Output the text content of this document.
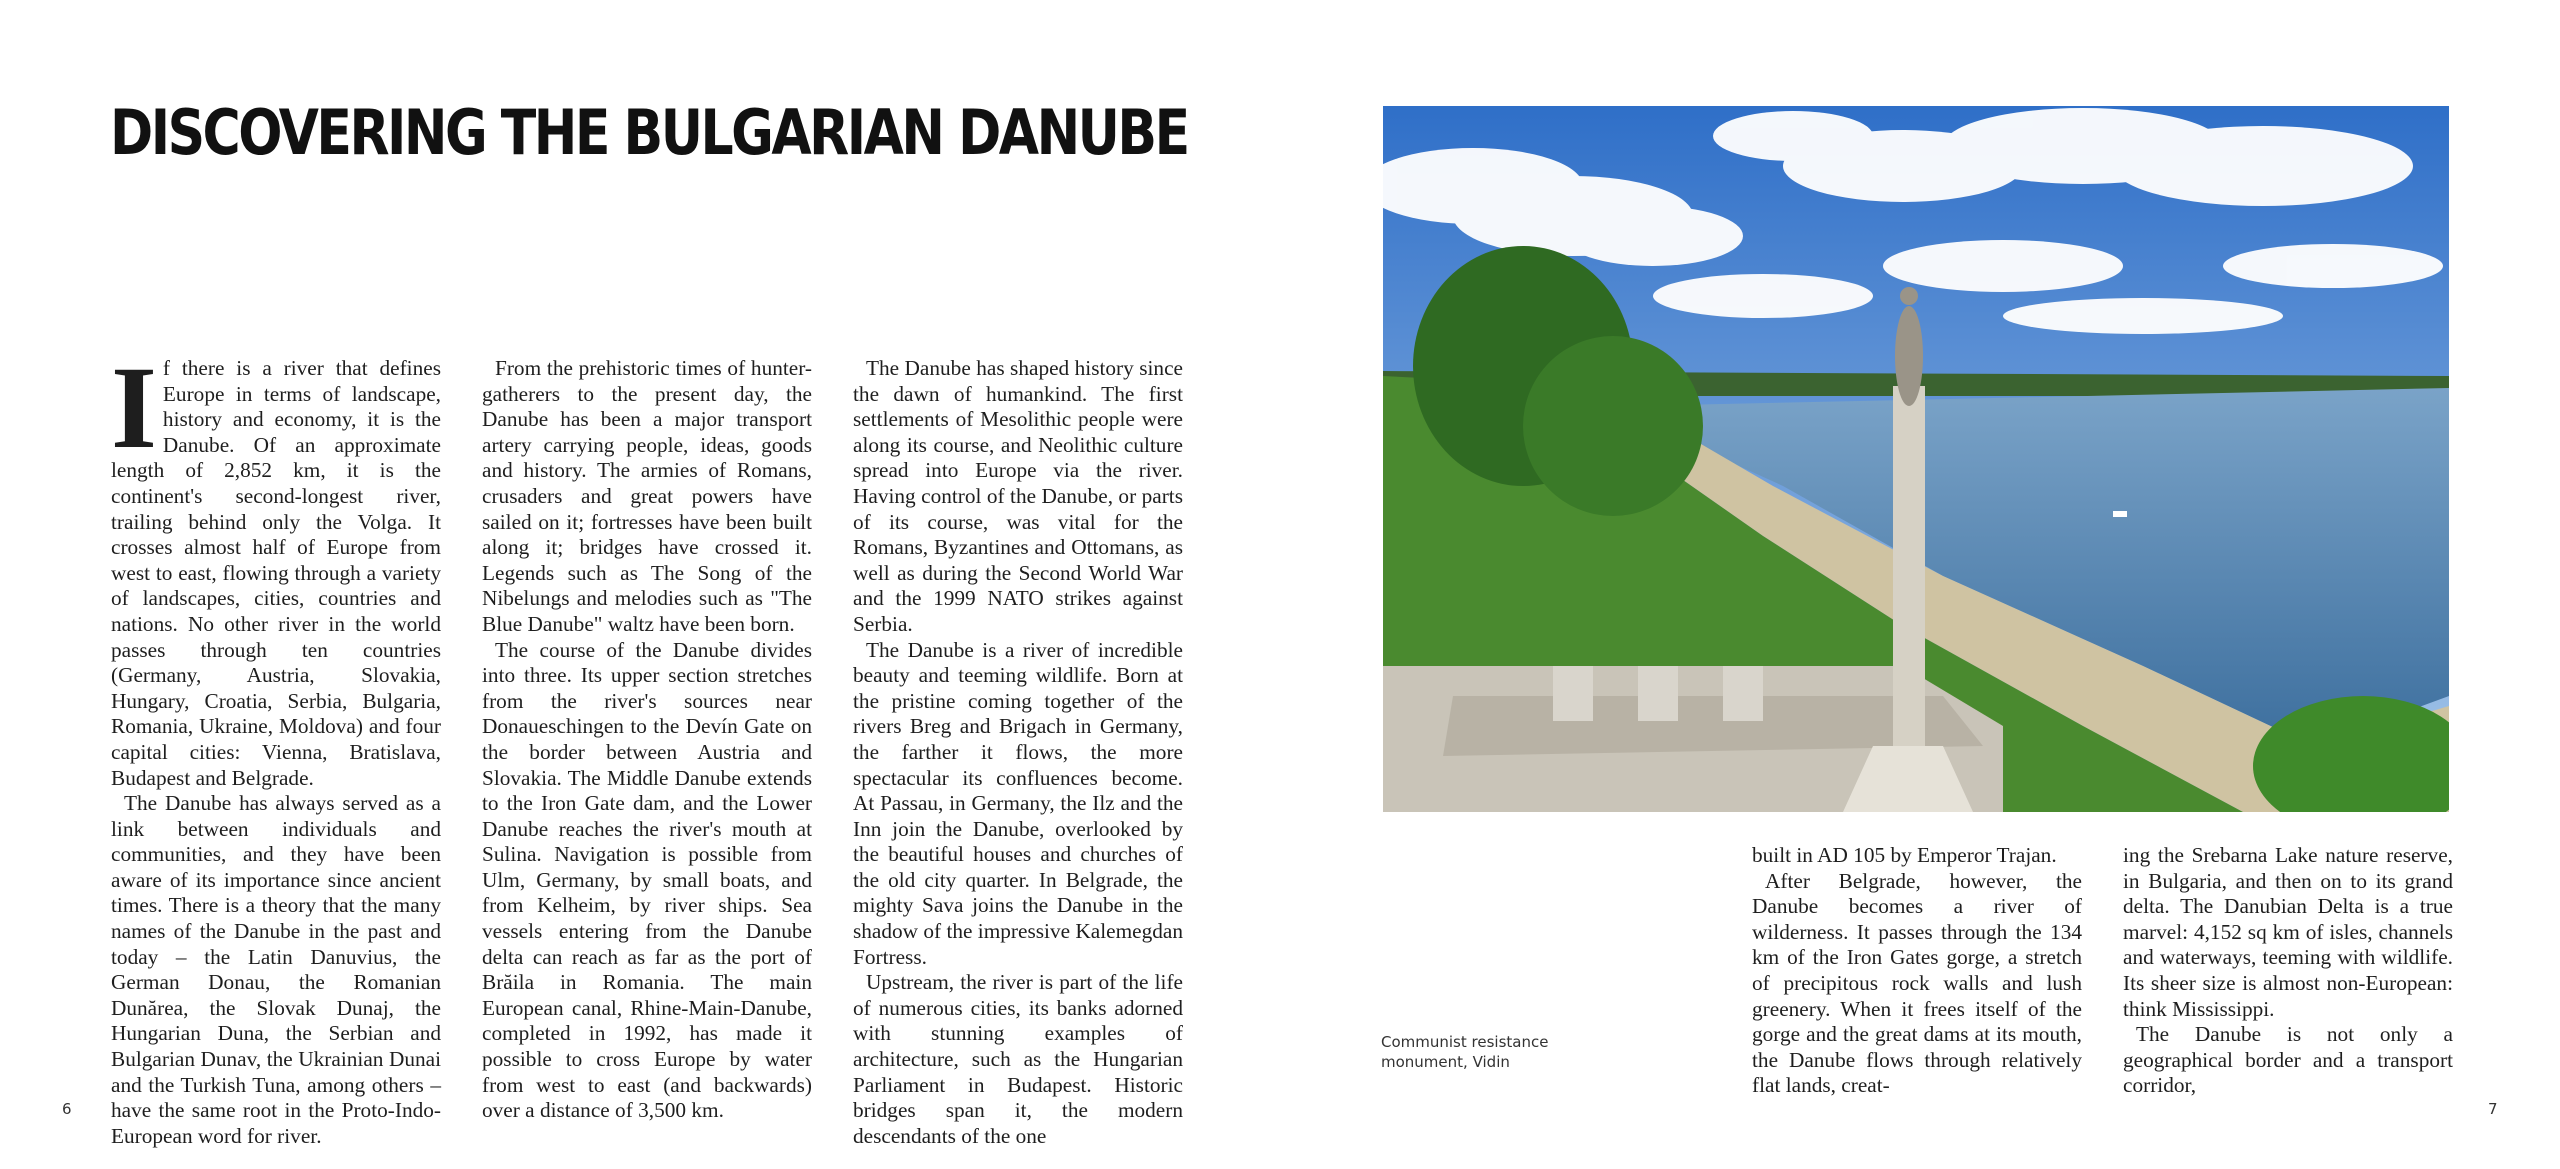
DISCOVERING THE BULGARIAN DANUBE

If there is a river that defines Europe in terms of landscape, history and economy, it is the Danube. Of an approximate length of 2,852 km, it is the continent's second-longest river, trailing behind only the Volga. It crosses almost half of Europe from west to east, flowing through a variety of landscapes, cities, countries and nations. No other river in the world passes through ten countries (Germany, Austria, Slovakia, Hungary, Croatia, Serbia, Bulgaria, Romania, Ukraine, Moldova) and four capital cities: Vienna, Bratislava, Budapest and Belgrade.

The Danube has always served as a link between individuals and communities, and they have been aware of its importance since ancient times. There is a theory that the many names of the Danube in the past and today – the Latin Danuvius, the German Donau, the Romanian Dunărea, the Slovak Dunaj, the Hungarian Duna, the Serbian and Bulgarian Dunav, the Ukrainian Dunai and the Turkish Tuna, among others – have the same root in the Proto-Indo-European word for river.

From the prehistoric times of hunter-gatherers to the present day, the Danube has been a major transport artery carrying people, ideas, goods and history. The armies of Romans, crusaders and great powers have sailed on it; fortresses have been built along it; bridges have crossed it. Legends such as The Song of the Nibelungs and melodies such as "The Blue Danube" waltz have been born.

The course of the Danube divides into three. Its upper section stretches from the river's sources near Donaueschingen to the Devín Gate on the border between Austria and Slovakia. The Middle Danube extends to the Iron Gate dam, and the Lower Danube reaches the river's mouth at Sulina. Navigation is possible from Ulm, Germany, by small boats, and from Kelheim, by river ships. Sea vessels entering from the Danube delta can reach as far as the port of Brăila in Romania. The main European canal, Rhine-Main-Danube, completed in 1992, has made it possible to cross Europe by water from west to east (and backwards) over a distance of 3,500 km.

The Danube has shaped history since the dawn of humankind. The first settlements of Mesolithic people were along its course, and Neolithic culture spread into Europe via the river. Having control of the Danube, or parts of its course, was vital for the Romans, Byzantines and Ottomans, as well as during the Second World War and the 1999 NATO strikes against Serbia.

The Danube is a river of incredible beauty and teeming wildlife. Born at the pristine coming together of the rivers Breg and Brigach in Germany, the farther it flows, the more spectacular its confluences become. At Passau, in Germany, the Ilz and the Inn join the Danube, overlooked by the beautiful houses and churches of the old city quarter. In Belgrade, the mighty Sava joins the Danube in the shadow of the impressive Kalemegdan Fortress.

Upstream, the river is part of the life of numerous cities, its banks adorned with stunning examples of architecture, such as the Hungarian Parliament in Budapest. Historic bridges span it, the modern descendants of the one

Communist resistance
monument, Vidin

built in AD 105 by Emperor Trajan.

After Belgrade, however, the Danube becomes a river of wilderness. It passes through the 134 km of the Iron Gates gorge, a stretch of precipitous rock walls and lush greenery. When it frees itself of the gorge and the great dams at its mouth, the Danube flows through relatively flat lands, creat-

ing the Srebarna Lake nature reserve, in Bulgaria, and then on to its grand delta. The Danubian Delta is a true marvel: 4,152 sq km of isles, channels and waterways, teeming with wildlife. Its sheer size is almost non-European: think Mississippi.

The Danube is not only a geographical border and a transport corridor,

6	7
